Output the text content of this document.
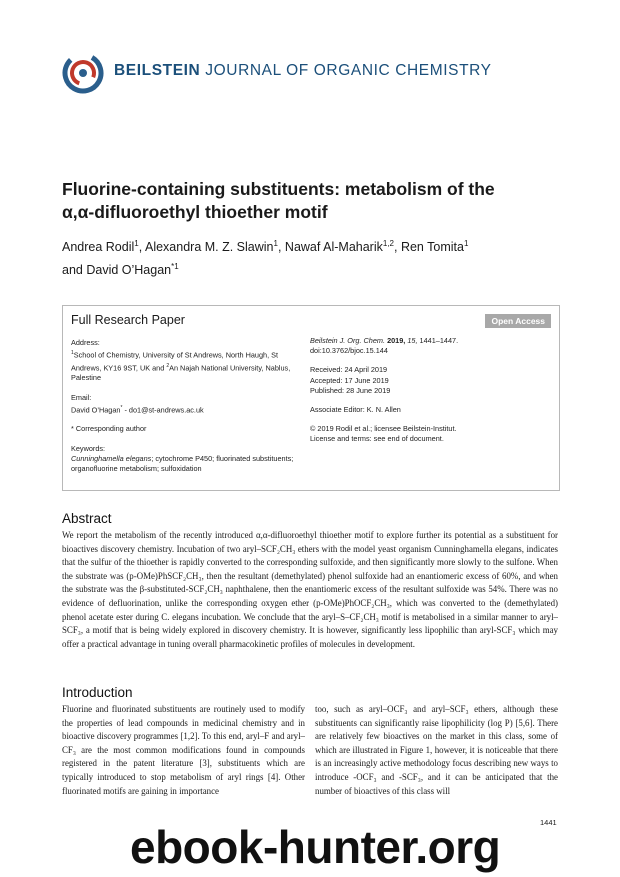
BEILSTEIN JOURNAL OF ORGANIC CHEMISTRY
Fluorine-containing substituents: metabolism of the
α,α-difluoroethyl thioether motif
Andrea Rodil$^1$, Alexandra M. Z. Slawin$^1$, Nawaf Al-Maharik$^{1,2}$, Ren Tomita$^1$
and David O’Hagan$^{*1}$
Full Research Paper	Open Access
Address:
$^1$School of Chemistry, University of St Andrews, North Haugh, St Andrews, KY16 9ST, UK and $^2$An Najah National University, Nablus, Palestine
Email:
David O’Hagan* - do1@st-andrews.ac.uk
* Corresponding author
Keywords:
Cunninghamella elegans; cytochrome P450; fluorinated substituents; organofluorine metabolism; sulfoxidation
Beilstein J. Org. Chem. 2019, 15, 1441–1447.
doi:10.3762/bjoc.15.144
Received: 24 April 2019
Accepted: 17 June 2019
Published: 28 June 2019
Associate Editor: K. N. Allen
© 2019 Rodil et al.; licensee Beilstein-Institut.
License and terms: see end of document.
Abstract
We report the metabolism of the recently introduced α,α-difluoroethyl thioether motif to explore further its potential as a substituent for bioactives discovery chemistry. Incubation of two aryl–SCF₂CH₃ ethers with the model yeast organism Cunninghamella elegans, indicates that the sulfur of the thioether is rapidly converted to the corresponding sulfoxide, and then significantly more slowly to the sulfone. When the substrate was (p-OMe)PhSCF₂CH₃, then the resultant (demethylated) phenol sulfoxide had an enantiomeric excess of 60%, and when the substrate was the β-substituted-SCF₂CH₃ naphthalene, then the enantiomeric excess of the resultant sulfoxide was 54%. There was no evidence of defluorination, unlike the corresponding oxygen ether (p-OMe)PhOCF₂CH₃, which was converted to the (demethylated) phenol acetate ester during C. elegans incubation. We conclude that the aryl–S–CF₂CH₃ motif is metabolised in a similar manner to aryl–SCF₃, a motif that is being widely explored in discovery chemistry. It is however, significantly less lipophilic than aryl-SCF₃ which may offer a practical advantage in tuning overall pharmacokinetic profiles of molecules in development.
Introduction
Fluorine and fluorinated substituents are routinely used to modify the properties of lead compounds in medicinal chemistry and in bioactive discovery programmes [1,2]. To this end, aryl–F and aryl–CF₃ are the most common modifications found in compounds registered in the patent literature [3], substituents which are typically introduced to stop metabolism of aryl rings [4]. Other fluorinated motifs are gaining in importance
too, such as aryl–OCF₃ and aryl–SCF₃ ethers, although these substituents can significantly raise lipophilicity (log P) [5,6]. There are relatively few bioactives on the market in this class, some of which are illustrated in Figure 1, however, it is noticeable that there is an increasingly active methodology focus describing new ways to introduce -OCF₃ and -SCF₃, and it can be anticipated that the number of bioactives of this class will
1441
ebook-hunter.org
